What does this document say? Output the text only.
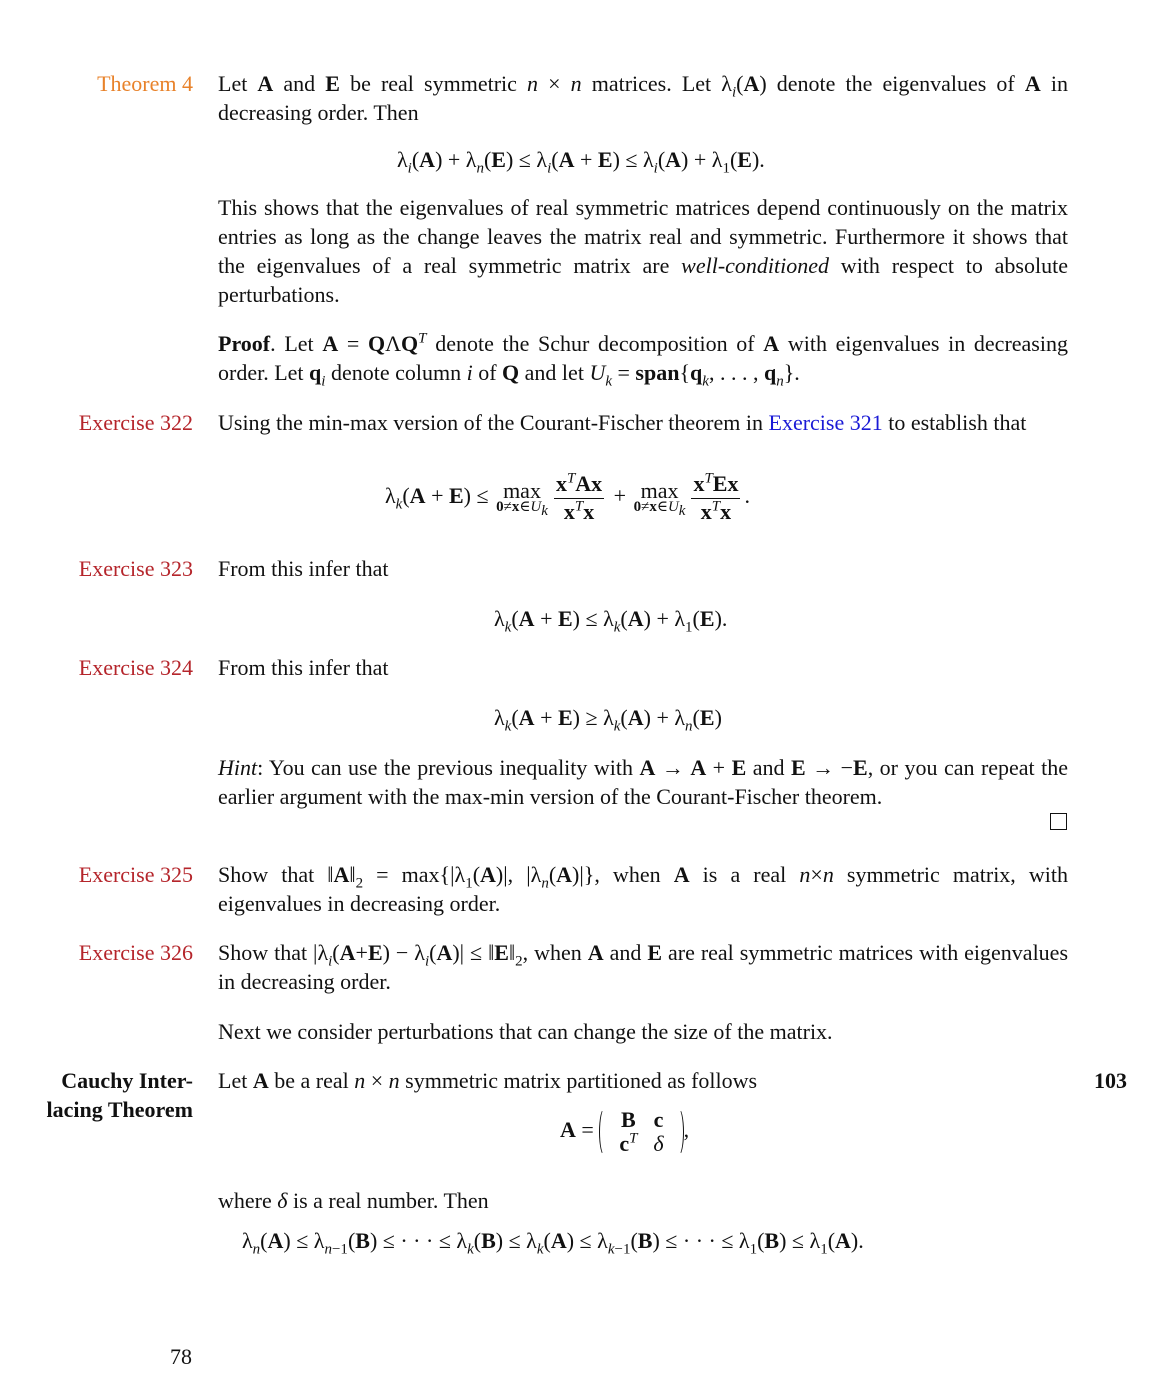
Theorem 4 Let A and E be real symmetric n × n matrices. Let $\lambda_i(A)$ denote the eigenvalues of A in decreasing order. Then
$\lambda_i(A) + \lambda_n(E) \le \lambda_i(A + E) \le \lambda_i(A) + \lambda_1(E)$.
This shows that the eigenvalues of real symmetric matrices depend continuously on the matrix entries as long as the change leaves the matrix real and symmetric. Furthermore it shows that the eigenvalues of a real symmetric matrix are well-conditioned with respect to absolute perturbations.
Proof. Let $A = Q\Lambda Q^T$ denote the Schur decomposition of A with eigenvalues in decreasing order. Let $q_i$ denote column i of Q and let $U_k$ = $span\{q_k$, . . . , $q_n$}.
Exercise 322 Using the min-max version of the Courant-Fischer theorem in Exercise 321 to establish that
$\lambda_k(A + E) \le \max$
$0\ne x\in U_k \frac{x^TAx}{x^Tx} + \max$
$0\ne x\in U_k \frac{x^TEx}{x^Tx}$ .
Exercise 323 From this infer that
$\lambda_k(A + E) \le \lambda_k(A) + \lambda_1(E)$.
Exercise 324 From this infer that
$\lambda_k(A + E) \ge \lambda_k(A) + \lambda_n(E)$
Hint: You can use the previous inequality with A → A + E and E → −E, or you can repeat the earlier argument with the max-min version of the Courant-Fischer theorem.
Exercise 325 Show that $‖A‖_2 = \max\{|\lambda_1(A)|$, $|\lambda_n(A)|$}, when A is a real n×n symmetric matrix, with eigenvalues in decreasing order.
Exercise 326 Show that $|\lambda_i(A+E) - \lambda_i(A)|$ ≤ $‖E‖_2$, when A and E are real symmetric matrices with eigenvalues in decreasing order.
Next we consider perturbations that can change the size of the matrix.
Cauchy Inter-
lacing Theorem
Let A be a real n × n symmetric matrix partitioned as follows	103
A = B	c
$c^T$	δ
,
where δ is a real number. Then
$\lambda_n(A) \le \lambda_{n-1}(B)$ ≤ · · · ≤ $\lambda_k(B) \le \lambda_k(A) \le \lambda_{k-1}(B)$ ≤ · · · ≤ $\lambda_1(B) \le \lambda_1(A)$.
78
